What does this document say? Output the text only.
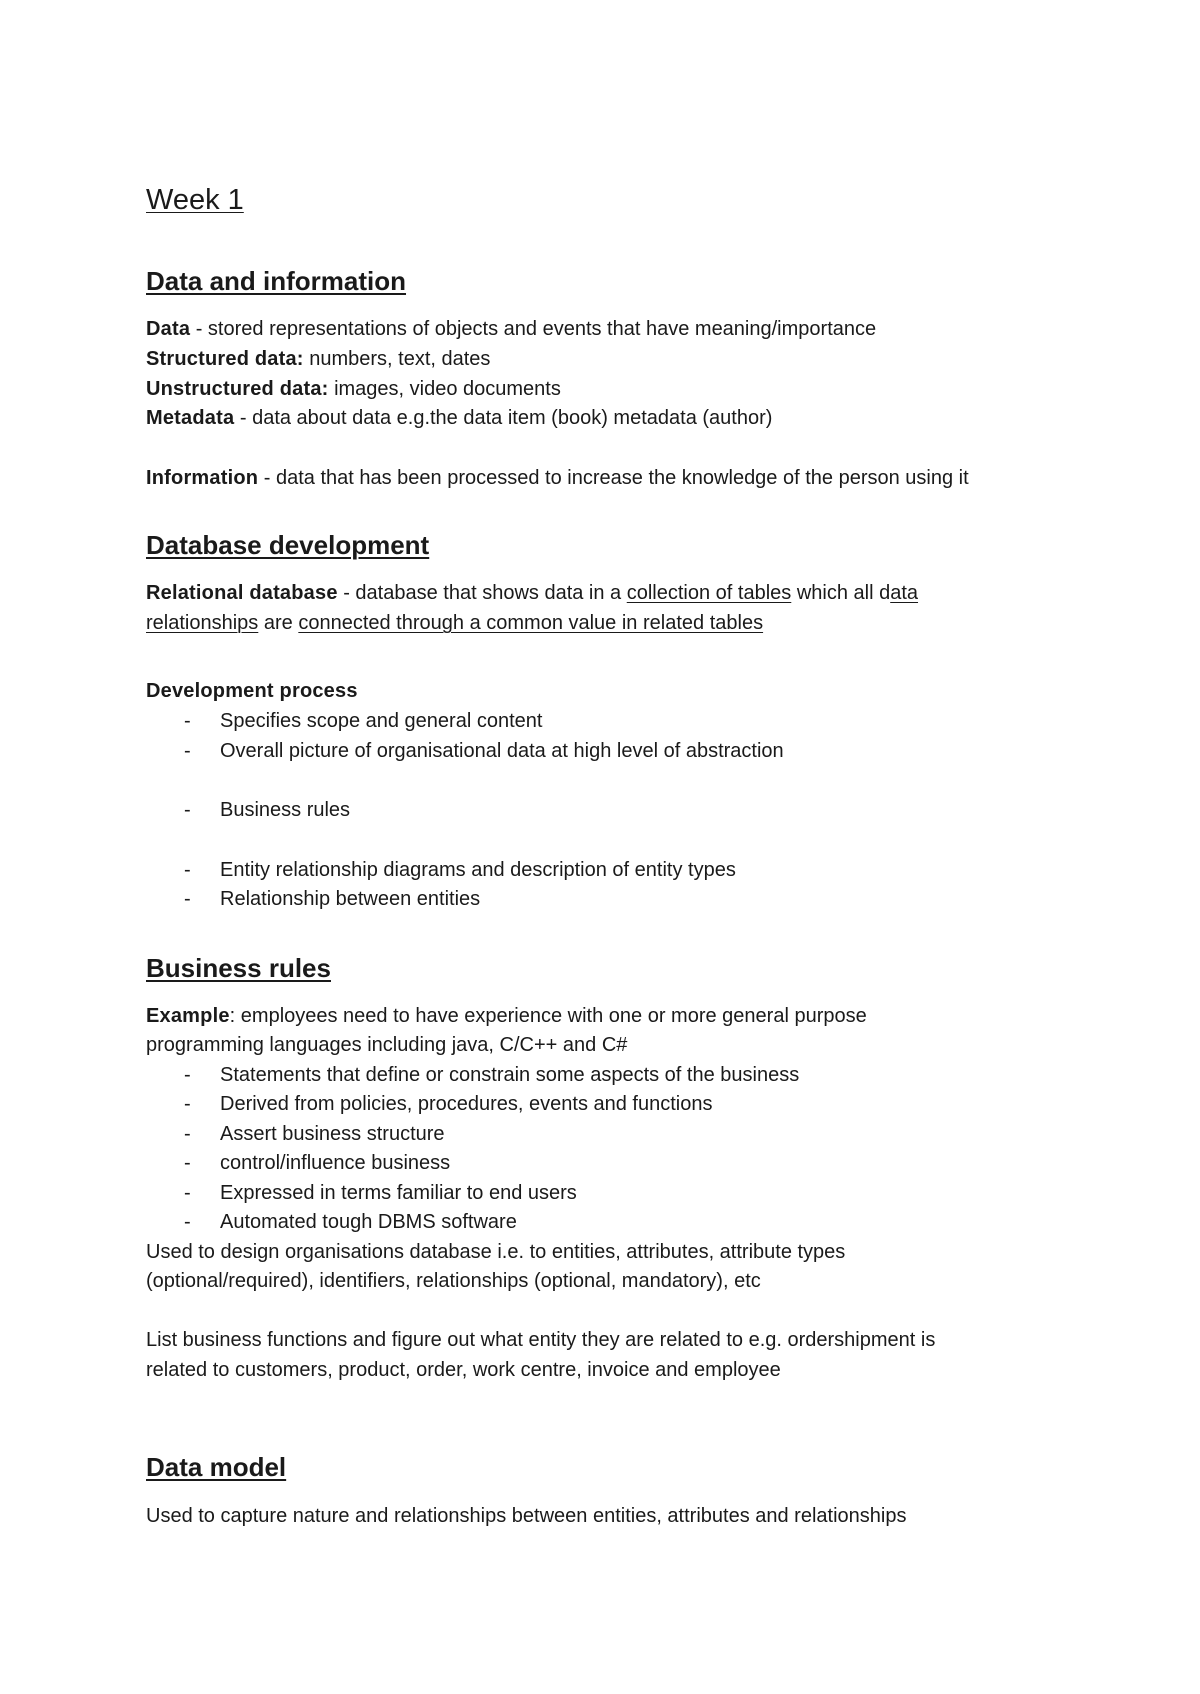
Week 1
Data and information

Data - stored representations of objects and events that have meaning/importance

Structured data: numbers, text, dates

Unstructured data: images, video documents

Metadata - data about data e.g.the data item (book) metadata (author)

Information - data that has been processed to increase the knowledge of the person using it

Database development

Relational database - database that shows data in a collection of tables which all data

relationships are connected through a common value in related tables

Development process

-	Specifies scope and general content
-	Overall picture of organisational data at high level of abstraction
-	Business rules
-	Entity relationship diagrams and description of entity types
-	Relationship between entities
Business rules

Example: employees need to have experience with one or more general purpose

programming languages including java, C/C++ and C#

-	Statements that define or constrain some aspects of the business
-	Derived from policies, procedures, events and functions
-	Assert business structure
-	control/influence business
-	Expressed in terms familiar to end users
-	Automated tough DBMS software

Used to design organisations database i.e. to entities, attributes, attribute types

(optional/required), identifiers, relationships (optional, mandatory), etc

List business functions and figure out what entity they are related to e.g. ordershipment is

related to customers, product, order, work centre, invoice and employee

Data model

Used to capture nature and relationships between entities, attributes and relationships
